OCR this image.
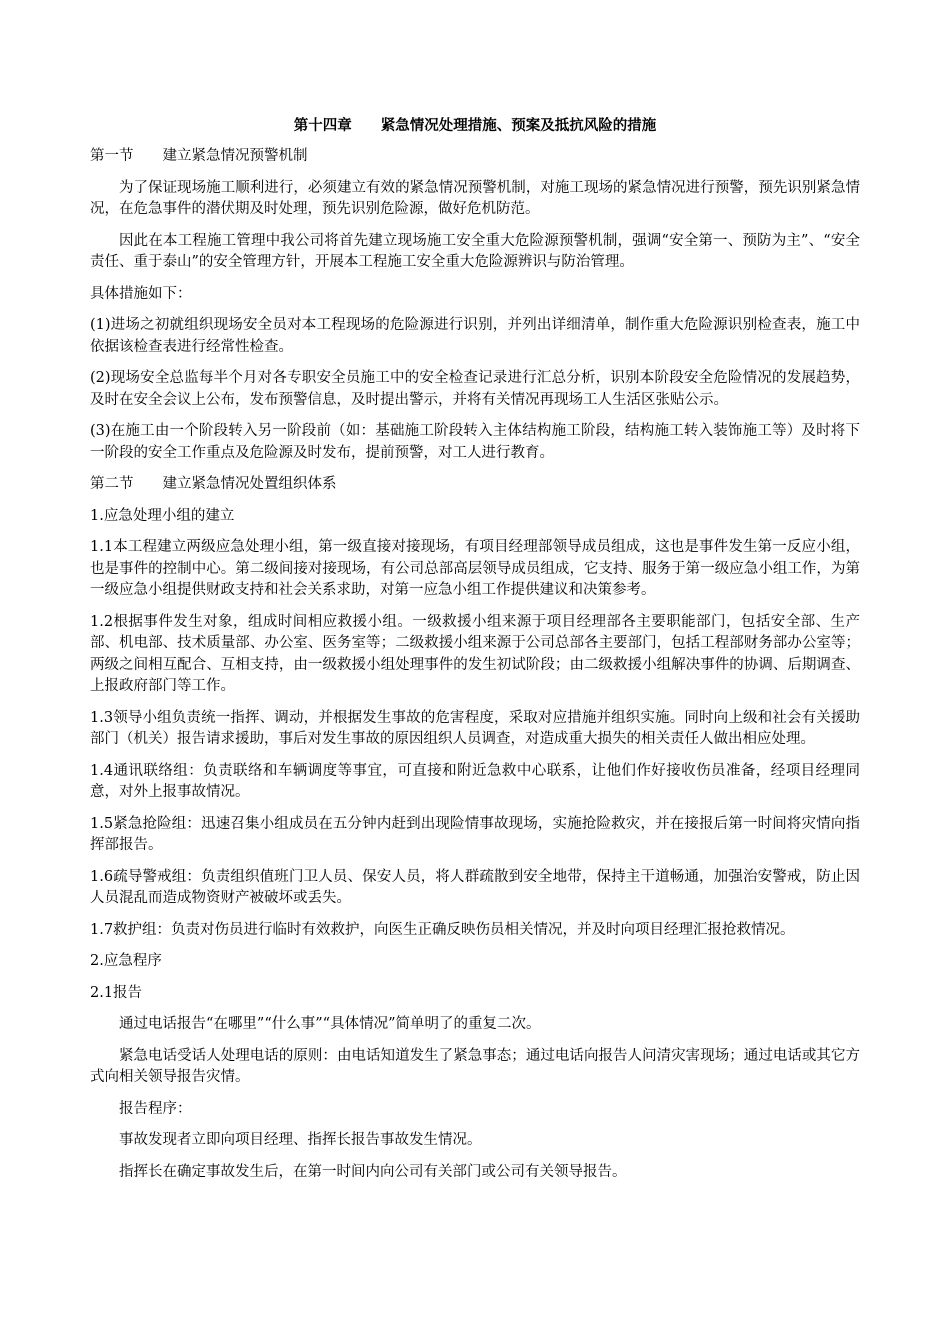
第十四章　　紧急情况处理措施、预案及抵抗风险的措施
第一节　　建立紧急情况预警机制
为了保证现场施工顺利进行，必须建立有效的紧急情况预警机制，对施工现场的紧急情况进行预警，预先识别紧急情况，在危急事件的潜伏期及时处理，预先识别危险源，做好危机防范。
因此在本工程施工管理中我公司将首先建立现场施工安全重大危险源预警机制，强调“安全第一、预防为主”、“安全责任、重于泰山”的安全管理方针，开展本工程施工安全重大危险源辨识与防治管理。
具体措施如下：
(1)进场之初就组织现场安全员对本工程现场的危险源进行识别，并列出详细清单，制作重大危险源识别检查表，施工中依据该检查表进行经常性检查。
(2)现场安全总监每半个月对各专职安全员施工中的安全检查记录进行汇总分析，识别本阶段安全危险情况的发展趋势，及时在安全会议上公布，发布预警信息，及时提出警示，并将有关情况再现场工人生活区张贴公示。
(3)在施工由一个阶段转入另一阶段前（如：基础施工阶段转入主体结构施工阶段，结构施工转入装饰施工等）及时将下一阶段的安全工作重点及危险源及时发布，提前预警，对工人进行教育。
第二节　　建立紧急情况处置组织体系
1.应急处理小组的建立
1.1本工程建立两级应急处理小组，第一级直接对接现场，有项目经理部领导成员组成，这也是事件发生第一反应小组，也是事件的控制中心。第二级间接对接现场，有公司总部高层领导成员组成，它支持、服务于第一级应急小组工作，为第一级应急小组提供财政支持和社会关系求助，对第一应急小组工作提供建议和决策参考。
1.2根据事件发生对象，组成时间相应救援小组。一级救援小组来源于项目经理部各主要职能部门，包括安全部、生产部、机电部、技术质量部、办公室、医务室等；二级救援小组来源于公司总部各主要部门，包括工程部财务部办公室等；两级之间相互配合、互相支持，由一级救援小组处理事件的发生初试阶段；由二级救援小组解决事件的协调、后期调查、上报政府部门等工作。
1.3领导小组负责统一指挥、调动，并根据发生事故的危害程度，采取对应措施并组织实施。同时向上级和社会有关援助部门（机关）报告请求援助，事后对发生事故的原因组织人员调查，对造成重大损失的相关责任人做出相应处理。
1.4通讯联络组：负责联络和车辆调度等事宜，可直接和附近急救中心联系，让他们作好接收伤员准备，经项目经理同意，对外上报事故情况。
1.5紧急抢险组：迅速召集小组成员在五分钟内赶到出现险情事故现场，实施抢险救灾，并在接报后第一时间将灾情向指挥部报告。
1.6疏导警戒组：负责组织值班门卫人员、保安人员，将人群疏散到安全地带，保持主干道畅通，加强治安警戒，防止因人员混乱而造成物资财产被破坏或丢失。
1.7救护组：负责对伤员进行临时有效救护，向医生正确反映伤员相关情况，并及时向项目经理汇报抢救情况。
2.应急程序
2.1报告
通过电话报告“在哪里”“什么事”“具体情况”简单明了的重复二次。
紧急电话受话人处理电话的原则：由电话知道发生了紧急事态；通过电话向报告人问清灾害现场；通过电话或其它方式向相关领导报告灾情。
报告程序：
事故发现者立即向项目经理、指挥长报告事故发生情况。
指挥长在确定事故发生后，在第一时间内向公司有关部门或公司有关领导报告。
